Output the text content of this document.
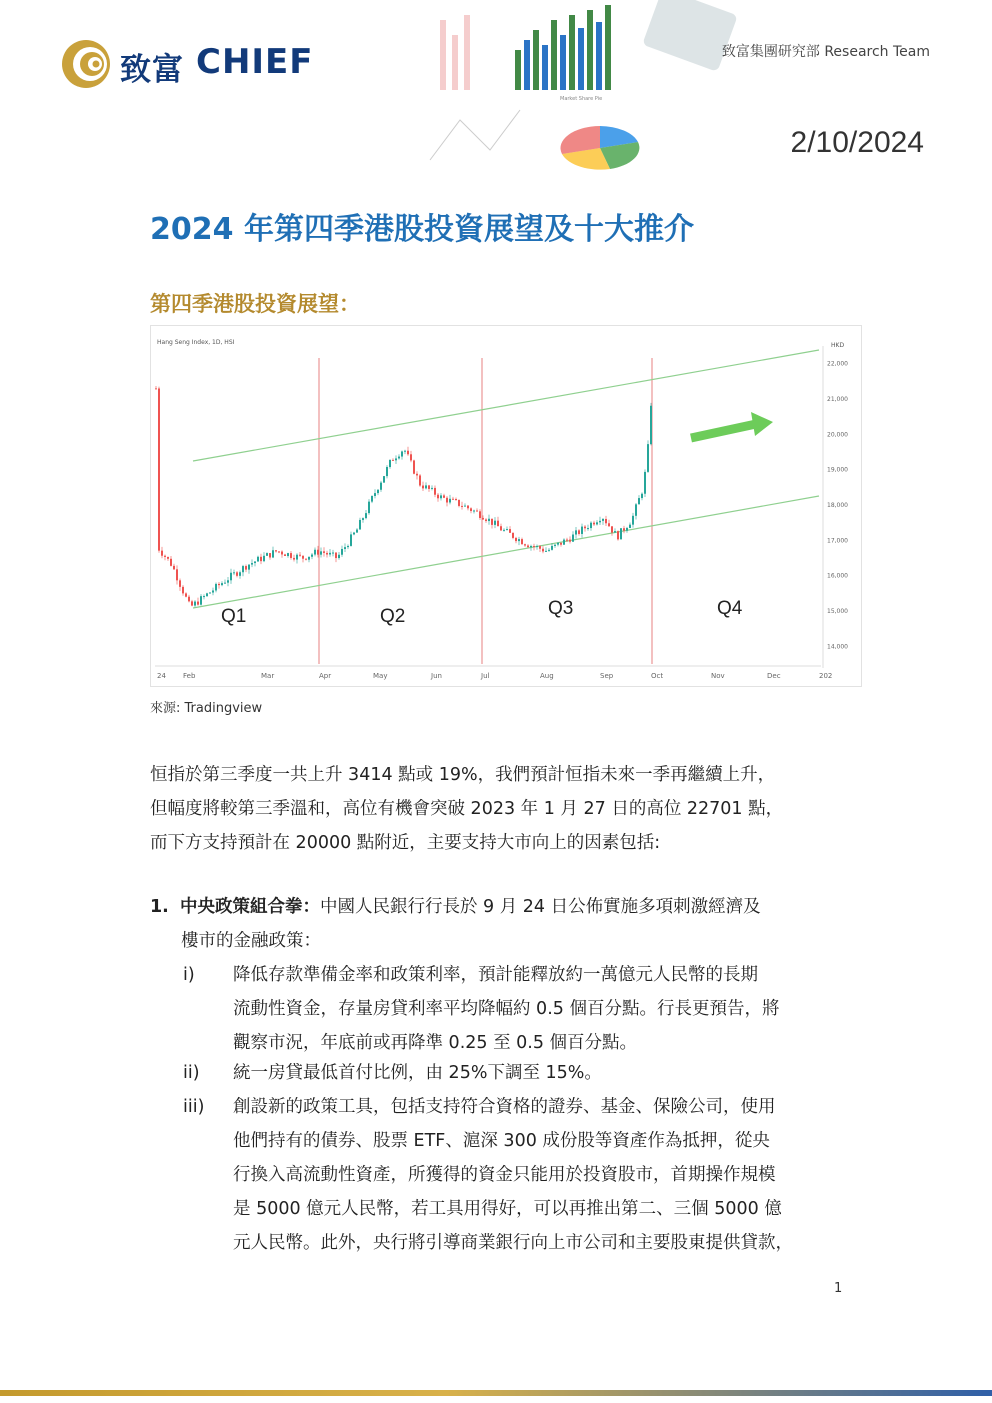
致富 CHIEF
Market Share Pie
致富集團研究部 Research Team
2/10/2024
2024 年第四季港股投資展望及十大推介
第四季港股投資展望：
Hang Seng Index, 1D, HSI	HKD
22,000
21,000
20,000
19,000
18,000
17,000
16,000
15,000
14,000
24 Feb	Mar	Apr	May	Jun	Jul	Aug	Sep	Oct	Nov	Dec	202
Q1	Q2	Q3	Q4
來源: Tradingview
恒指於第三季度一共上升 3414 點或 19%，我們預計恒指未來一季再繼續上升，
但幅度將較第三季溫和，高位有機會突破 2023 年 1 月 27 日的高位 22701 點，
而下方支持預計在 20000 點附近，主要支持大市向上的因素包括:
1. 中央政策組合拳：中國人民銀行行長於 9 月 24 日公佈實施多項刺激經濟及
樓市的金融政策：
i)	降低存款準備金率和政策利率，預計能釋放約一萬億元人民幣的長期
流動性資金，存量房貸利率平均降幅約 0.5 個百分點。行長更預告，將
觀察市況，年底前或再降準 0.25 至 0.5 個百分點。
ii)	統一房貸最低首付比例，由 25%下調至 15%。
iii)	創設新的政策工具，包括支持符合資格的證券、基金、保險公司，使用
他們持有的債券、股票 ETF、滬深 300 成份股等資產作為抵押，從央
行換入高流動性資產，所獲得的資金只能用於投資股市，首期操作規模
是 5000 億元人民幣，若工具用得好，可以再推出第二、三個 5000 億
元人民幣。此外，央行將引導商業銀行向上市公司和主要股東提供貸款，
1
